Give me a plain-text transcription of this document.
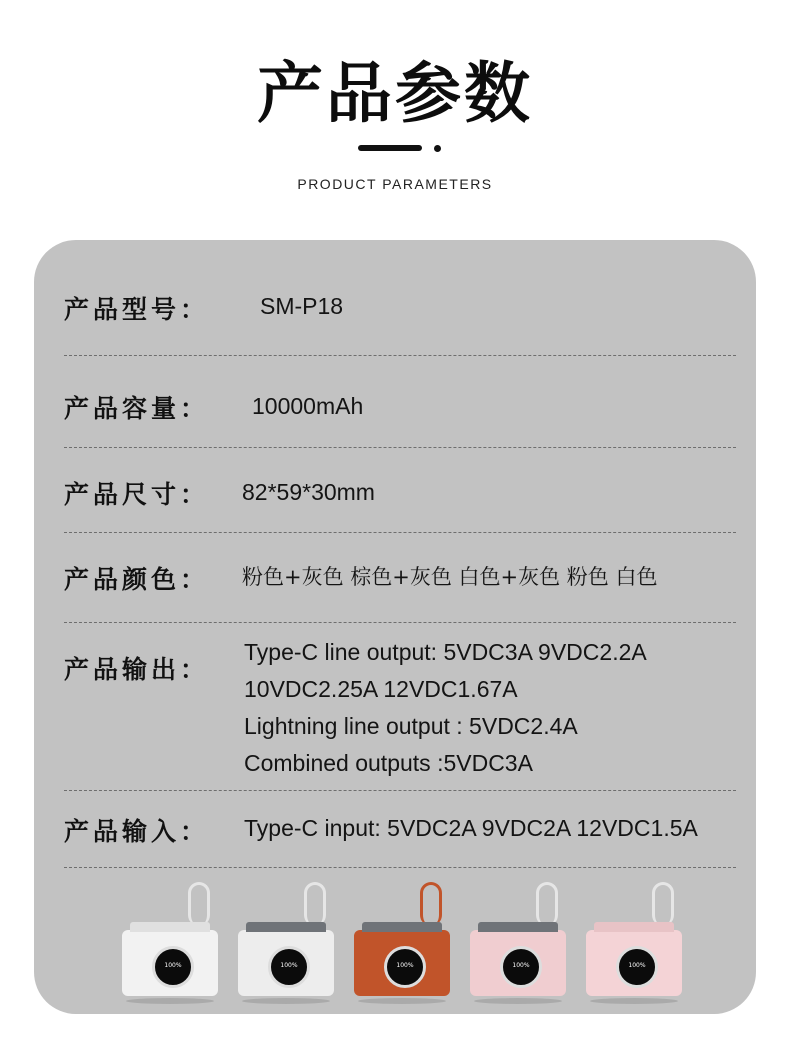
产品参数
PRODUCT PARAMETERS
产品型号： SM-P18
产品容量： 10000mAh
产品尺寸： 82*59*30mm
产品颜色： 粉色+灰色 棕色+灰色 白色+灰色 粉色 白色
产品输出：
Type-C line output: 5VDC3A 9VDC2.2A
10VDC2.25A 12VDC1.67A
Lightning line output : 5VDC2.4A
Combined outputs :5VDC3A
产品输入： Type-C input: 5VDC2A 9VDC2A 12VDC1.5A
100%	100%	100%	100%	100%
